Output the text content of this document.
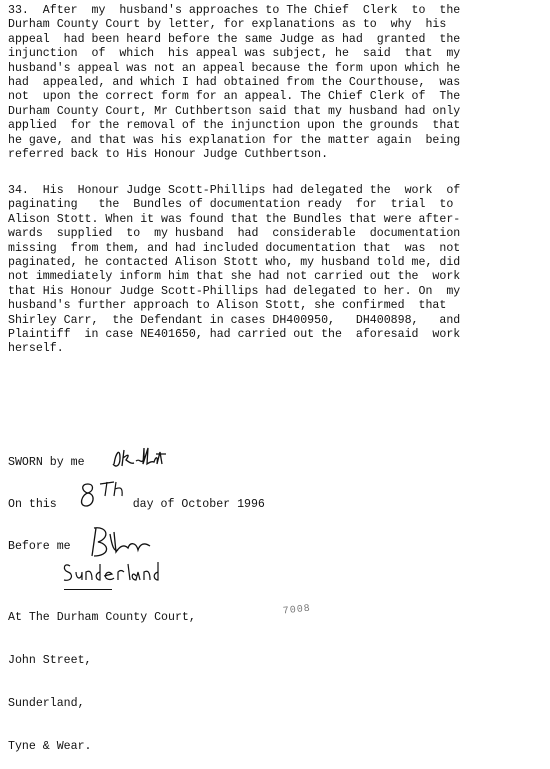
33.  After  my  husband's approaches to The Chief  Clerk  to  the
Durham County Court by letter, for explanations as to  why  his
appeal  had been heard before the same Judge as had  granted  the
injunction  of  which  his appeal was subject, he  said  that  my
husband's appeal was not an appeal because the form upon which he
had  appealed, and which I had obtained from the Courthouse,  was
not  upon the correct form for an appeal. The Chief Clerk of  The
Durham County Court, Mr Cuthbertson said that my husband had only
applied  for the removal of the injunction upon the grounds  that
he gave, and that was his explanation for the matter again  being
referred back to His Honour Judge Cuthbertson.
34.  His  Honour Judge Scott-Phillips had delegated the  work  of
paginating   the  Bundles of documentation ready  for  trial  to
Alison Stott. When it was found that the Bundles that were after-
wards  supplied  to  my husband  had  considerable  documentation
missing  from them, and had included documentation that  was  not
paginated, he contacted Alison Stott who, my husband told me, did
not immediately inform him that she had not carried out the  work
that His Honour Judge Scott-Phillips had delegated to her. On  my
husband's further approach to Alison Stott, she confirmed  that
Shirley Carr,  the Defendant in cases DH400950,   DH400898,   and
Plaintiff  in case NE401650, had carried out the  aforesaid  work
herself.
SWORN by me
On this	day of October 1996
Before me

At The Durham County Court,

John Street,

Sunderland,

Tyne & Wear.

7008
